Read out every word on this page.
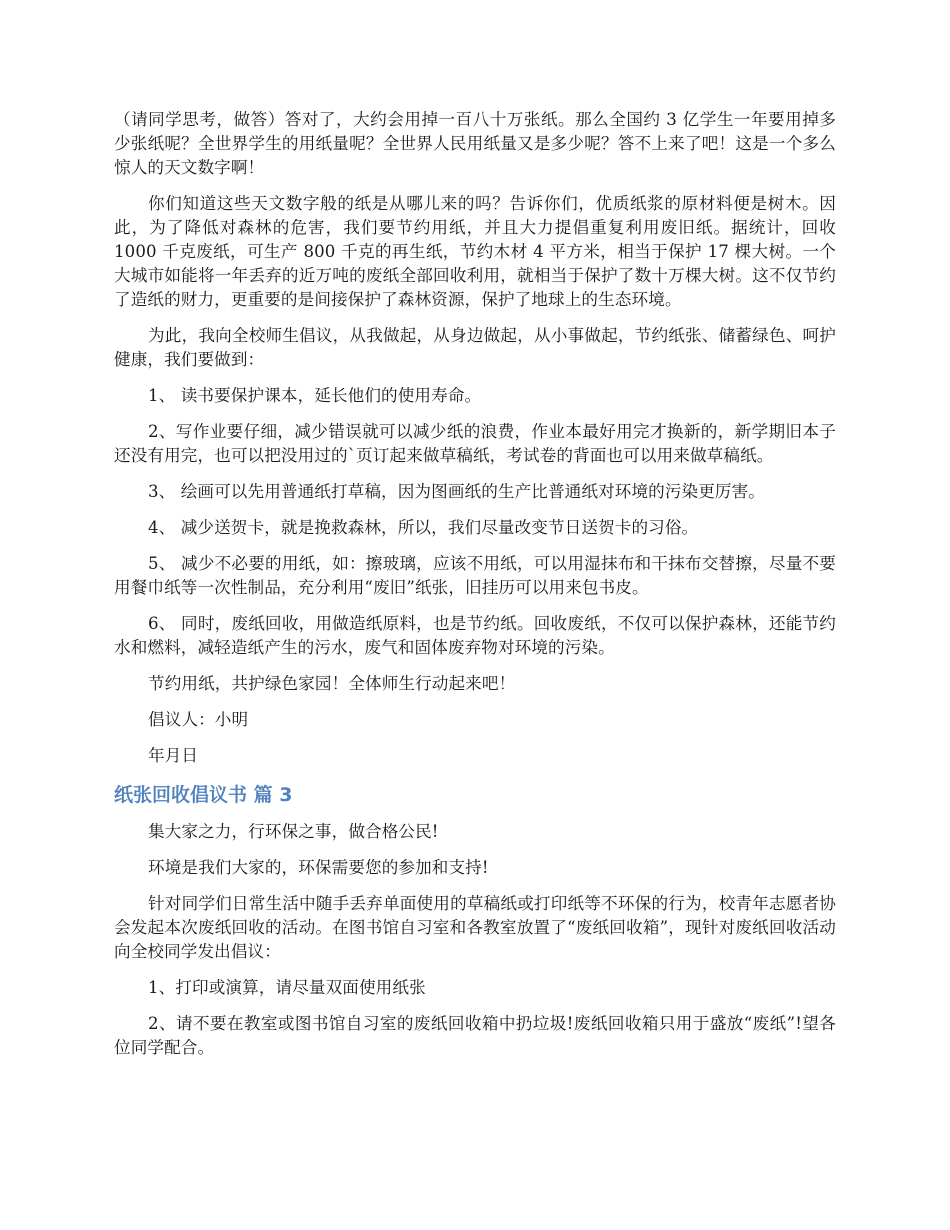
（请同学思考，做答）答对了，大约会用掉一百八十万张纸。那么全国约 3 亿学生一年要用掉多少张纸呢？全世界学生的用纸量呢？全世界人民用纸量又是多少呢？答不上来了吧！这是一个多么惊人的天文数字啊！

你们知道这些天文数字般的纸是从哪儿来的吗？告诉你们，优质纸浆的原材料便是树木。因此，为了降低对森林的危害，我们要节约用纸，并且大力提倡重复利用废旧纸。据统计，回收 1000 千克废纸，可生产 800 千克的再生纸，节约木材 4 平方米，相当于保护 17 棵大树。一个大城市如能将一年丢弃的近万吨的废纸全部回收利用，就相当于保护了数十万棵大树。这不仅节约了造纸的财力，更重要的是间接保护了森林资源，保护了地球上的生态环境。

为此，我向全校师生倡议，从我做起，从身边做起，从小事做起，节约纸张、储蓄绿色、呵护健康，我们要做到：

1、 读书要保护课本，延长他们的使用寿命。

2、写作业要仔细，减少错误就可以减少纸的浪费，作业本最好用完才换新的，新学期旧本子还没有用完，也可以把没用过的`页订起来做草稿纸，考试卷的背面也可以用来做草稿纸。

3、 绘画可以先用普通纸打草稿，因为图画纸的生产比普通纸对环境的污染更厉害。

4、 减少送贺卡，就是挽救森林，所以，我们尽量改变节日送贺卡的习俗。

5、 减少不必要的用纸，如：擦玻璃，应该不用纸，可以用湿抹布和干抹布交替擦，尽量不要用餐巾纸等一次性制品，充分利用“废旧”纸张，旧挂历可以用来包书皮。

6、 同时，废纸回收，用做造纸原料，也是节约纸。回收废纸，不仅可以保护森林，还能节约水和燃料，减轻造纸产生的污水，废气和固体废弃物对环境的污染。

节约用纸，共护绿色家园！全体师生行动起来吧！

倡议人：小明

年月日

纸张回收倡议书 篇 3

集大家之力，行环保之事，做合格公民!

环境是我们大家的，环保需要您的参加和支持!

针对同学们日常生活中随手丢弃单面使用的草稿纸或打印纸等不环保的行为，校青年志愿者协会发起本次废纸回收的活动。在图书馆自习室和各教室放置了“废纸回收箱”，现针对废纸回收活动向全校同学发出倡议：

1、打印或演算，请尽量双面使用纸张

2、请不要在教室或图书馆自习室的废纸回收箱中扔垃圾!废纸回收箱只用于盛放“废纸”!望各位同学配合。
